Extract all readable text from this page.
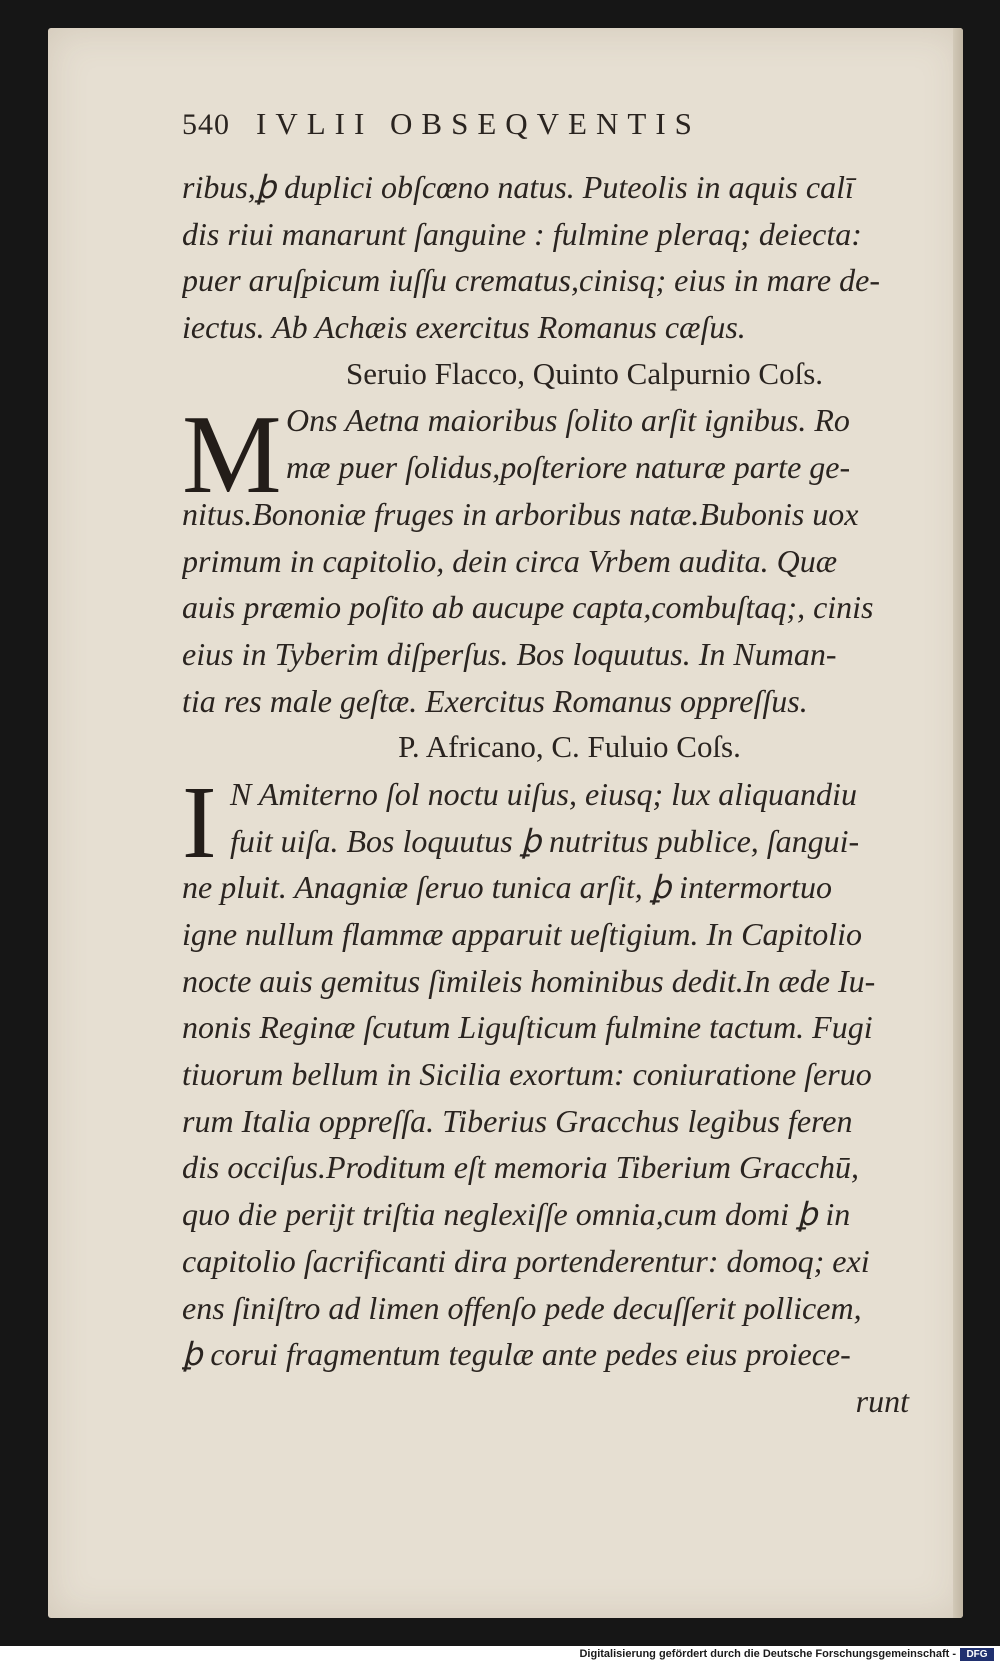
540 IVLII OBSEQVENTIS
ribus,ꝧ duplici obſcœno natus. Puteolis in aquis calī
dis riui manarunt ſanguine : fulmine pleraq; deiecta:
puer aruſpicum iuſſu crematus,cinisq; eius in mare de-
iectus. Ab Achæis exercitus Romanus cæſus.
Seruio Flacco, Quinto Calpurnio Coſs.
M Ons Aetna maioribus ſolito arſit ignibus. Ro
mæ puer ſolidus,poſteriore naturæ parte ge-
nitus.Bononiæ fruges in arboribus natæ.Bubonis uox
primum in capitolio, dein circa Vrbem audita. Quæ
auis præmio poſito ab aucupe capta,combuſtaq;, cinis
eius in Tyberim diſperſus. Bos loquutus. In Numan-
tia res male geſtæ. Exercitus Romanus oppreſſus.
P. Africano, C. Fuluio Coſs.
I N Amiterno ſol noctu uiſus, eiusq; lux aliquandiu
fuit uiſa. Bos loquutus ꝧ nutritus publice, ſangui-
ne pluit. Anagniæ ſeruo tunica arſit, ꝧ intermortuo
igne nullum flammæ apparuit ueſtigium. In Capitolio
nocte auis gemitus ſimileis hominibus dedit.In æde Iu-
nonis Reginæ ſcutum Liguſticum fulmine tactum. Fugi
tiuorum bellum in Sicilia exortum: coniuratione ſeruo
rum Italia oppreſſa. Tiberius Gracchus legibus feren
dis occiſus.Proditum eſt memoria Tiberium Gracchū,
quo die perijt triſtia neglexiſſe omnia,cum domi ꝧ in
capitolio ſacrificanti dira portenderentur: domoq; exi
ens ſiniſtro ad limen offenſo pede decuſſerit pollicem,
ꝧ corui fragmentum tegulæ ante pedes eius proiece-
runt
Digitalisierung gefördert durch die Deutsche Forschungsgemeinschaft -	DFG
